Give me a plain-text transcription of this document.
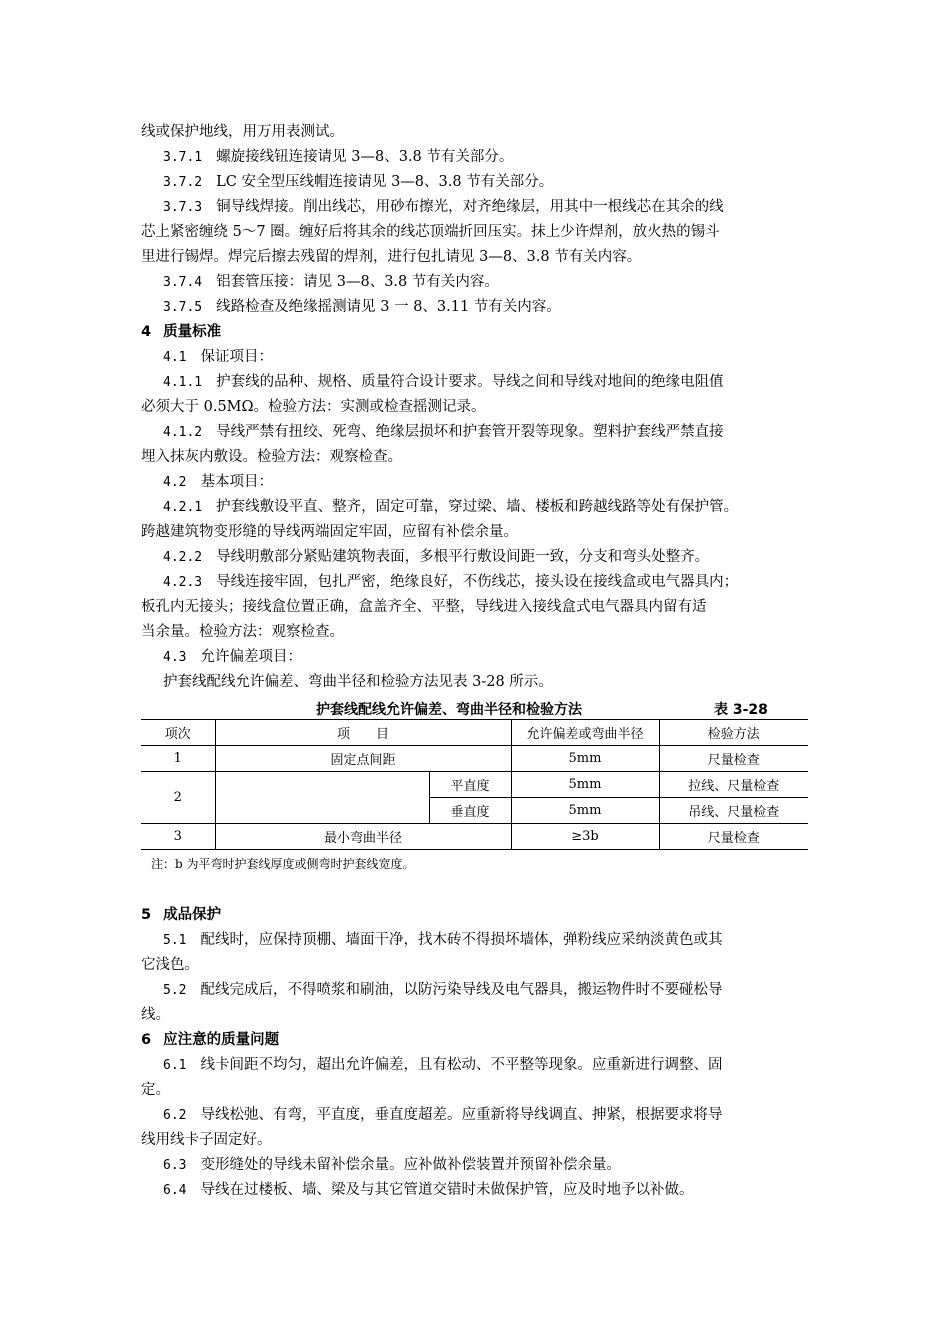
线或保护地线，用万用表测试。
3.7.1 螺旋接线钮连接请见 3—8、3.8 节有关部分。
3.7.2 LC 安全型压线帽连接请见 3—8、3.8 节有关部分。
3.7.3 铜导线焊接。削出线芯，用砂布擦光，对齐绝缘层，用其中一根线芯在其余的线
芯上紧密缠绕 5～7 圈。缠好后将其余的线芯顶端折回压实。抹上少许焊剂，放火热的锡斗
里进行锡焊。焊完后擦去残留的焊剂，进行包扎请见 3—8、3.8 节有关内容。
3.7.4 铝套管压接：请见 3—8、3.8 节有关内容。
3.7.5 线路检查及绝缘摇测请见 3 一 8、3.11 节有关内容。
4 质量标准
4.1 保证项目：
4.1.1 护套线的品种、规格、质量符合设计要求。导线之间和导线对地间的绝缘电阻值
必须大于 0.5MΩ。检验方法：实测或检查摇测记录。
4.1.2 导线严禁有扭绞、死弯、绝缘层损坏和护套管开裂等现象。塑料护套线严禁直接
埋入抹灰内敷设。检验方法：观察检查。
4.2 基本项目：
4.2.1 护套线敷设平直、整齐，固定可靠，穿过梁、墙、楼板和跨越线路等处有保护管。
跨越建筑物变形缝的导线两端固定牢固，应留有补偿余量。
4.2.2 导线明敷部分紧贴建筑物表面，多根平行敷设间距一致，分支和弯头处整齐。
4.2.3 导线连接牢固，包扎严密，绝缘良好，不伤线芯，接头设在接线盒或电气器具内；
板孔内无接头；接线盒位置正确，盒盖齐全、平整，导线进入接线盒式电气器具内留有适
当余量。检验方法：观察检查。
4.3 允许偏差项目：
护套线配线允许偏差、弯曲半径和检验方法见表 3-28 所示。
护套线配线允许偏差、弯曲半径和检验方法	表 3-28
项次	项　　目		允许偏差或弯曲半径	检验方法
1	固定点间距		5mm	尺量检查
2		平直度	5mm	拉线、尺量检查
		垂直度	5mm	吊线、尺量检查
3	最小弯曲半径		≥3b	尺量检查
注：b 为平弯时护套线厚度或侧弯时护套线宽度。
5 成品保护
5.1 配线时，应保持顶棚、墙面干净，找木砖不得损坏墙体，弹粉线应采纳淡黄色或其
它浅色。
5.2 配线完成后，不得喷浆和刷油，以防污染导线及电气器具，搬运物件时不要碰松导
线。
6 应注意的质量问题
6.1 线卡间距不均匀，超出允许偏差，且有松动、不平整等现象。应重新进行调整、固
定。
6.2 导线松弛、有弯，平直度，垂直度超差。应重新将导线调直、抻紧，根据要求将导
线用线卡子固定好。
6.3 变形缝处的导线未留补偿余量。应补做补偿装置并预留补偿余量。
6.4 导线在过楼板、墙、梁及与其它管道交错时未做保护管，应及时地予以补做。
